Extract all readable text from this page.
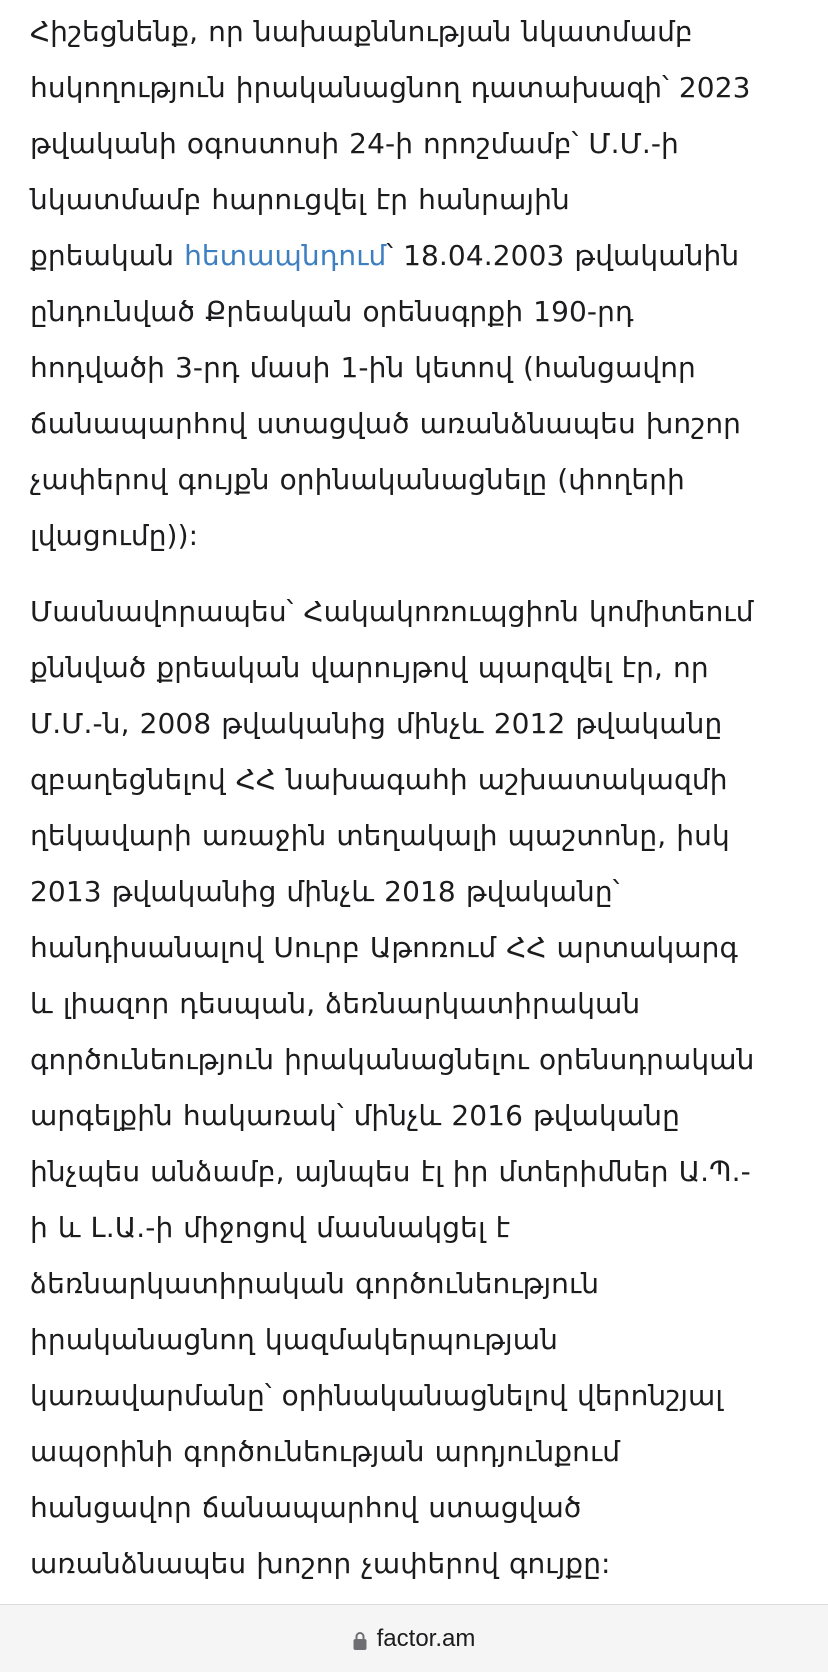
Հիշեցնենք, որ նախաքննության նկատմամբ
հսկողություն իրականացնող դատախազի՝ 2023
թվականի օգոստոսի 24-ի որոշմամբ՝ Մ.Մ.-ի
նկատմամբ հարուցվել էր հանրային
քրեական հետապնդում՝ 18.04.2003 թվականին
ընդունված Քրեական օրենսգրքի 190-րդ
հոդվածի 3-րդ մասի 1-ին կետով (հանցավոր
ճանապարհով ստացված առանձնապես խոշոր
չափերով գույքն օրինականացնելը (փողերի
լվացումը)):

Մասնավորապես՝ Հակակոռուպցիոն կոմիտեում
քննված քրեական վարույթով պարզվել էր, որ
Մ.Մ.-ն, 2008 թվականից մինչև 2012 թվականը
զբաղեցնելով ՀՀ նախագահի աշխատակազմի
ղեկավարի առաջին տեղակալի պաշտոնը, իսկ
2013 թվականից մինչև 2018 թվականը՝
հանդիսանալով Սուրբ Աթոռում ՀՀ արտակարգ
և լիազոր դեսպան, ձեռնարկատիրական
գործունեություն իրականացնելու օրենսդրական
արգելքին հակառակ՝ մինչև 2016 թվականը
ինչպես անձամբ, այնպես էլ իր մտերիմներ Ա.Պ.-
ի և Լ.Ա.-ի միջոցով մասնակցել է
ձեռնարկատիրական գործունեություն
իրականացնող կազմակերպության
կառավարմանը՝ օրինականացնելով վերոնշյալ
ապօրինի գործունեության արդյունքում
հանցավոր ճանապարհով ստացված
առանձնապես խոշոր չափերով գույքը:

factor.am
